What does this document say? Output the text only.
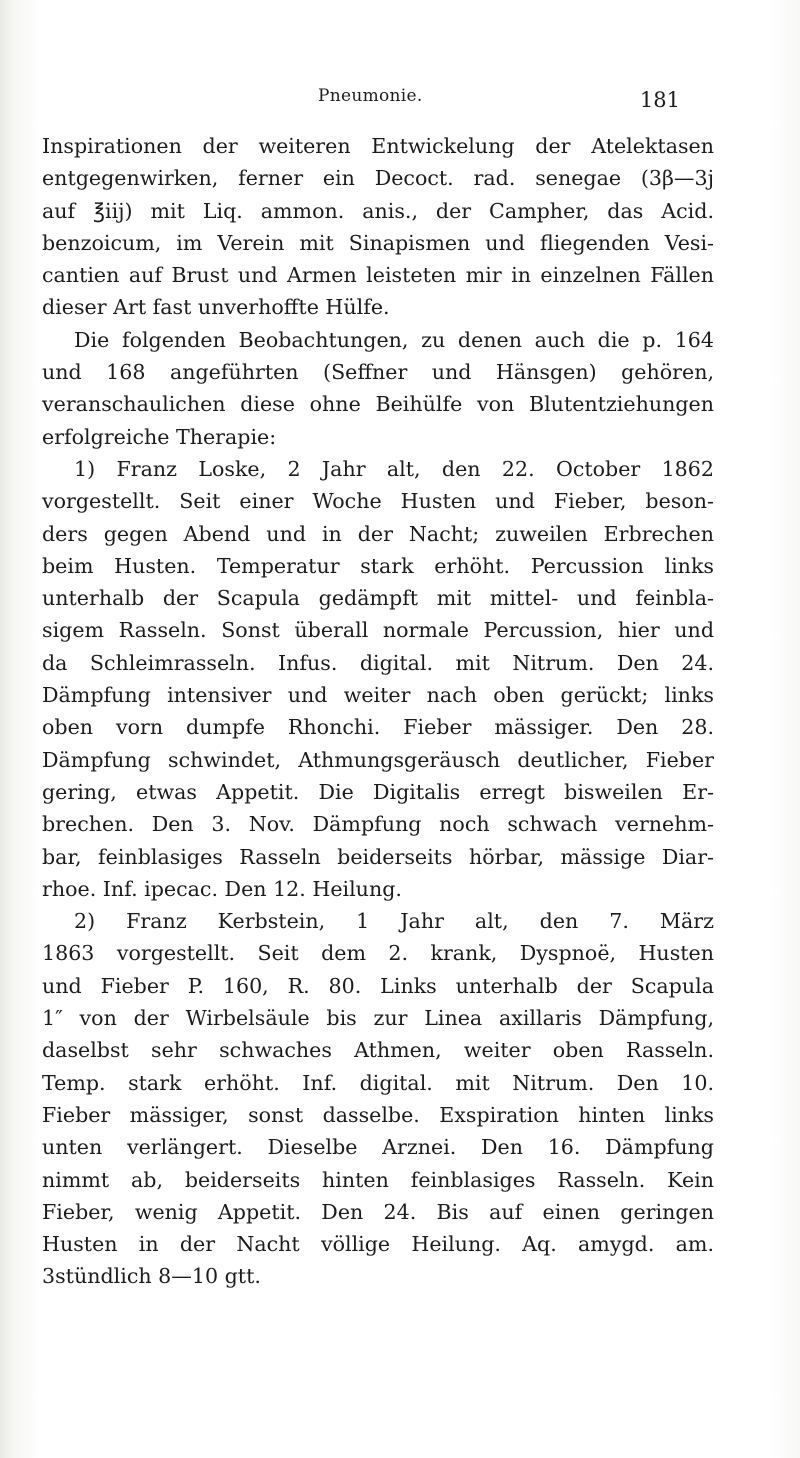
Pneumonie.	181
Inspirationen der weiteren Entwickelung der Atelektasen
entgegenwirken, ferner ein Decoct. rad. senegae (3β—3j
auf ℥iij) mit Liq. ammon. anis., der Campher, das Acid.
benzoicum, im Verein mit Sinapismen und fliegenden Vesi-
cantien auf Brust und Armen leisteten mir in einzelnen Fällen
dieser Art fast unverhoffte Hülfe.
Die folgenden Beobachtungen, zu denen auch die p. 164
und 168 angeführten (Seffner und Hänsgen) gehören,
veranschaulichen diese ohne Beihülfe von Blutentziehungen
erfolgreiche Therapie:
1) Franz Loske, 2 Jahr alt, den 22. October 1862
vorgestellt. Seit einer Woche Husten und Fieber, beson-
ders gegen Abend und in der Nacht; zuweilen Erbrechen
beim Husten. Temperatur stark erhöht. Percussion links
unterhalb der Scapula gedämpft mit mittel- und feinbla-
sigem Rasseln. Sonst überall normale Percussion, hier und
da Schleimrasseln. Infus. digital. mit Nitrum. Den 24.
Dämpfung intensiver und weiter nach oben gerückt; links
oben vorn dumpfe Rhonchi. Fieber mässiger. Den 28.
Dämpfung schwindet, Athmungsgeräusch deutlicher, Fieber
gering, etwas Appetit. Die Digitalis erregt bisweilen Er-
brechen. Den 3. Nov. Dämpfung noch schwach vernehm-
bar, feinblasiges Rasseln beiderseits hörbar, mässige Diar-
rhoe. Inf. ipecac. Den 12. Heilung.
2) Franz Kerbstein, 1 Jahr alt, den 7. März
1863 vorgestellt. Seit dem 2. krank, Dyspnoë, Husten
und Fieber P. 160, R. 80. Links unterhalb der Scapula
1″ von der Wirbelsäule bis zur Linea axillaris Dämpfung,
daselbst sehr schwaches Athmen, weiter oben Rasseln.
Temp. stark erhöht. Inf. digital. mit Nitrum. Den 10.
Fieber mässiger, sonst dasselbe. Exspiration hinten links
unten verlängert. Dieselbe Arznei. Den 16. Dämpfung
nimmt ab, beiderseits hinten feinblasiges Rasseln. Kein
Fieber, wenig Appetit. Den 24. Bis auf einen geringen
Husten in der Nacht völlige Heilung. Aq. amygd. am.
3stündlich 8—10 gtt.
